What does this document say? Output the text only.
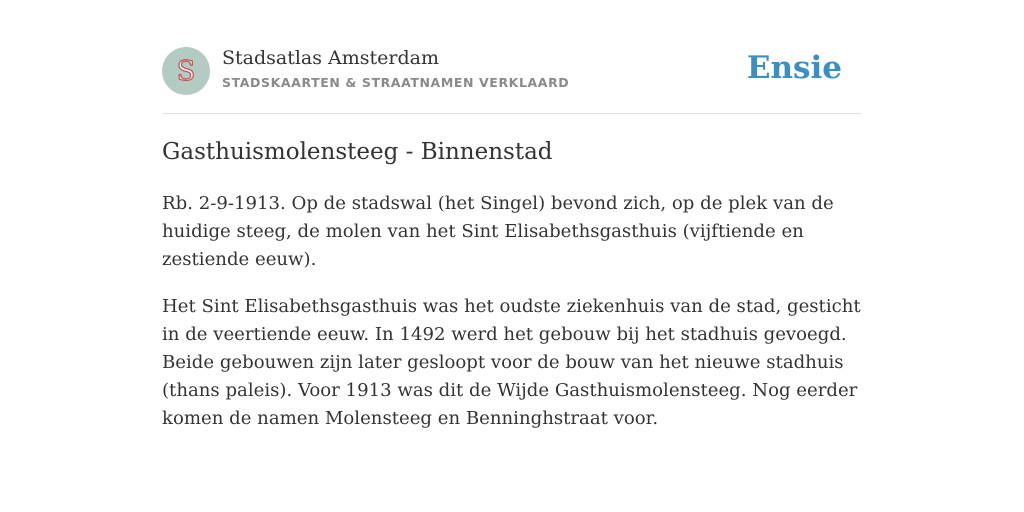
S Stadsatlas Amsterdam
STADSKAARTEN & STRAATNAMEN VERKLAARD	Ensie
Gasthuismolensteeg - Binnenstad

Rb. 2-9-1913. Op de stadswal (het Singel) bevond zich, op de plek van de huidige steeg, de molen van het Sint Elisabethsgasthuis (vijftiende en zestiende eeuw).

Het Sint Elisabethsgasthuis was het oudste ziekenhuis van de stad, gesticht in de veertiende eeuw. In 1492 werd het gebouw bij het stadhuis gevoegd. Beide gebouwen zijn later gesloopt voor de bouw van het nieuwe stadhuis (thans paleis). Voor 1913 was dit de Wijde Gasthuismolensteeg. Nog eerder komen de namen Molensteeg en Benninghstraat voor.
